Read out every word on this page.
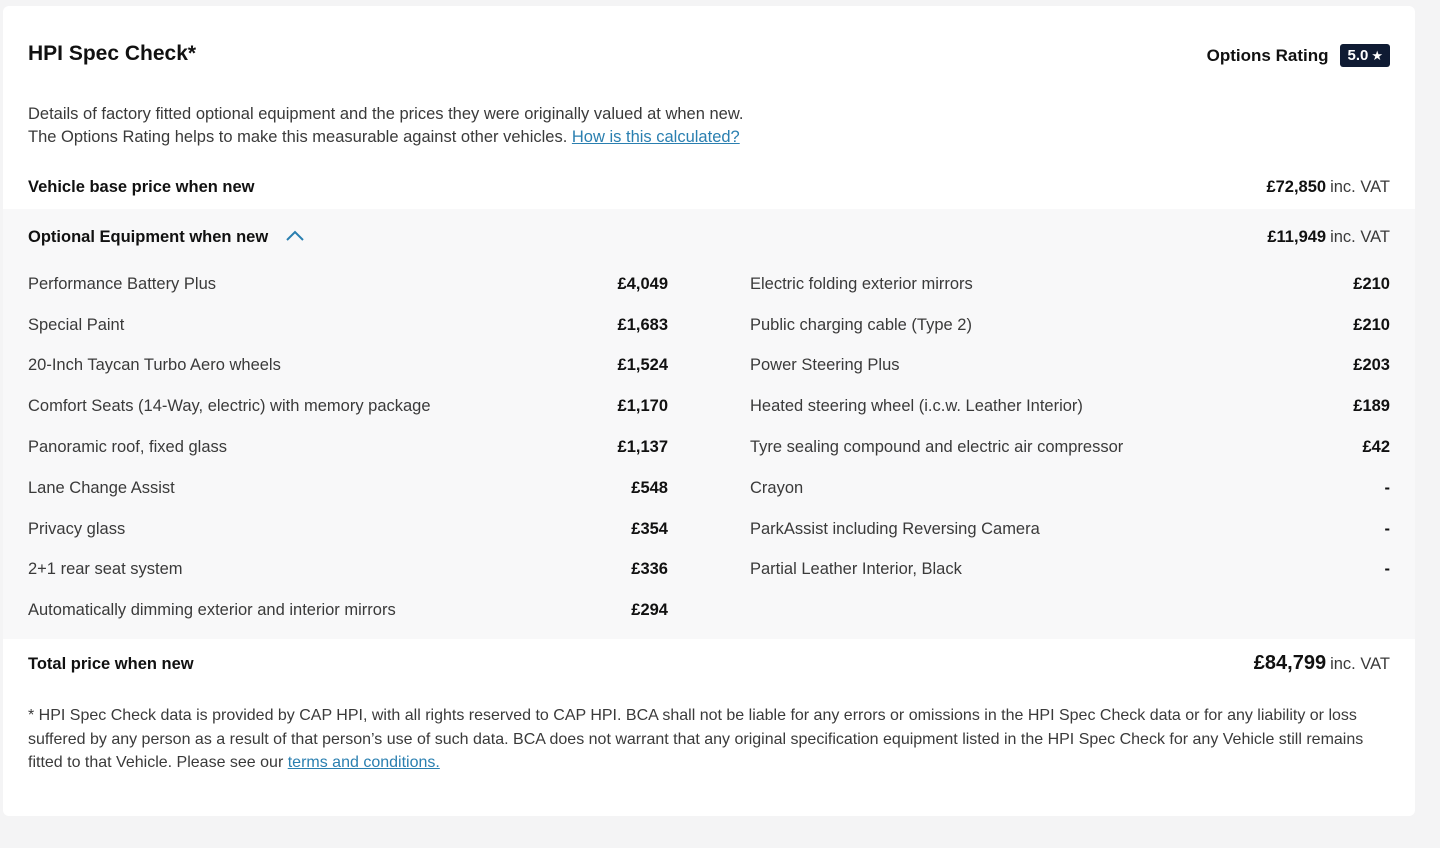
HPI Spec Check*	Options Rating 5.0 ★
Details of factory fitted optional equipment and the prices they were originally valued at when new.
The Options Rating helps to make this measurable against other vehicles. How is this calculated?
Vehicle base price when new	£72,850 inc. VAT
Optional Equipment when new	£11,949 inc. VAT
Performance Battery Plus	£4,049
Special Paint	£1,683
20-Inch Taycan Turbo Aero wheels	£1,524
Comfort Seats (14-Way, electric) with memory package	£1,170
Panoramic roof, fixed glass	£1,137
Lane Change Assist	£548
Privacy glass	£354
2+1 rear seat system	£336
Automatically dimming exterior and interior mirrors	£294
Electric folding exterior mirrors	£210
Public charging cable (Type 2)	£210
Power Steering Plus	£203
Heated steering wheel (i.c.w. Leather Interior)	£189
Tyre sealing compound and electric air compressor	£42
Crayon	-
ParkAssist including Reversing Camera	-
Partial Leather Interior, Black	-
Total price when new	£84,799 inc. VAT
* HPI Spec Check data is provided by CAP HPI, with all rights reserved to CAP HPI. BCA shall not be liable for any errors or omissions in the HPI Spec Check data or for any liability or loss suffered by any person as a result of that person’s use of such data. BCA does not warrant that any original specification equipment listed in the HPI Spec Check for any Vehicle still remains fitted to that Vehicle. Please see our terms and conditions.
